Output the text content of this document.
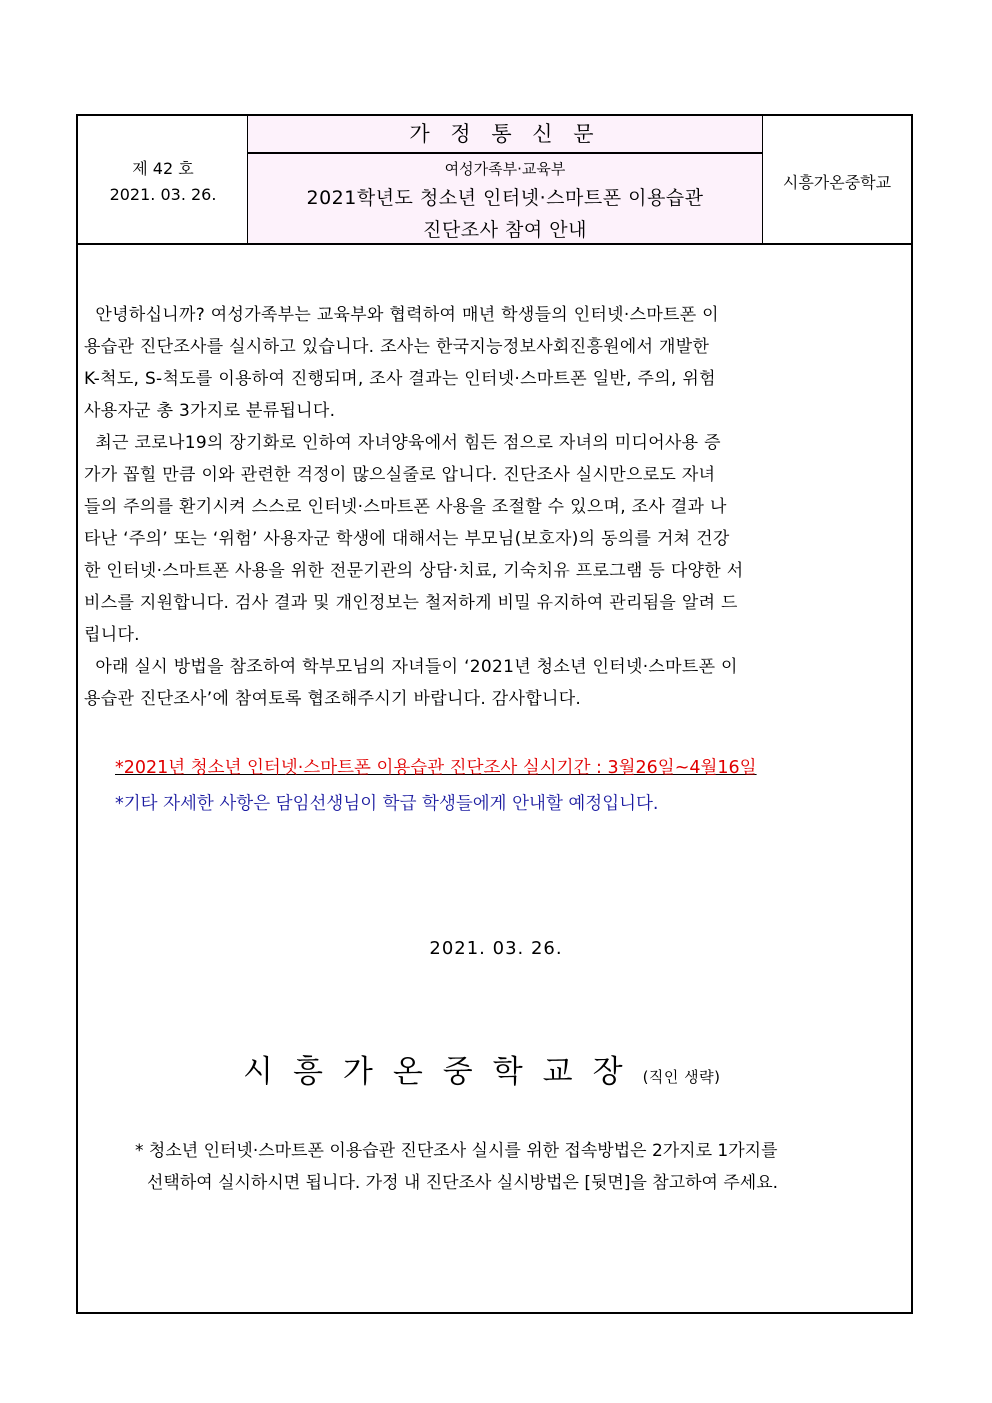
제 42 호
2021. 03. 26.
가 정 통 신 문
여성가족부·교육부
2021학년도 청소년 인터넷·스마트폰 이용습관
진단조사 참여 안내
시흥가온중학교
안녕하십니까? 여성가족부는 교육부와 협력하여 매년 학생들의 인터넷·스마트폰 이
용습관 진단조사를 실시하고 있습니다. 조사는 한국지능정보사회진흥원에서 개발한
K-척도, S-척도를 이용하여 진행되며, 조사 결과는 인터넷·스마트폰 일반, 주의, 위험
사용자군 총 3가지로 분류됩니다.
최근 코로나19의 장기화로 인하여 자녀양육에서 힘든 점으로 자녀의 미디어사용 증
가가 꼽힐 만큼 이와 관련한 걱정이 많으실줄로 압니다. 진단조사 실시만으로도 자녀
들의 주의를 환기시켜 스스로 인터넷·스마트폰 사용을 조절할 수 있으며, 조사 결과 나
타난 ‘주의’ 또는 ‘위험’ 사용자군 학생에 대해서는 부모님(보호자)의 동의를 거쳐 건강
한 인터넷·스마트폰 사용을 위한 전문기관의 상담·치료, 기숙치유 프로그램 등 다양한 서
비스를 지원합니다. 검사 결과 및 개인정보는 철저하게 비밀 유지하여 관리됨을 알려 드
립니다.
아래 실시 방법을 참조하여 학부모님의 자녀들이 ‘2021년 청소년 인터넷·스마트폰 이
용습관 진단조사’에 참여토록 협조해주시기 바랍니다. 감사합니다.
*2021년 청소년 인터넷·스마트폰 이용습관 진단조사 실시기간 : 3월26일~4월16일
*기타 자세한 사항은 담임선생님이 학급 학생들에게 안내할 예정입니다.
2021. 03. 26.
시흥가온중학교장(직인 생략)
* 청소년 인터넷·스마트폰 이용습관 진단조사 실시를 위한 접속방법은 2가지로 1가지를
선택하여 실시하시면 됩니다. 가정 내 진단조사 실시방법은 [뒷면]을 참고하여 주세요.
